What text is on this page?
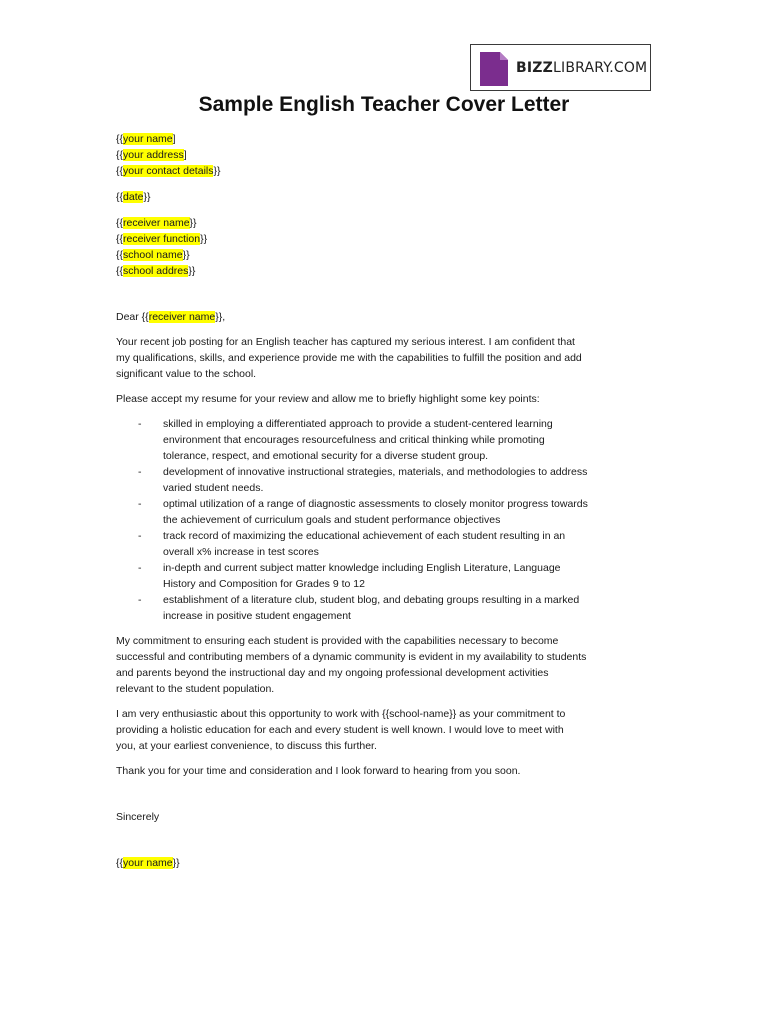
BIZZLIBRARY.COM
Sample English Teacher Cover Letter
{{your name]
{{your address]
{{your contact details}}
{{date}}
{{receiver name}}
{{receiver function}}
{{school name}}
{{school addres}}
Dear {{receiver name}},
Your recent job posting for an English teacher has captured my serious interest. I am confident that
my qualifications, skills, and experience provide me with the capabilities to fulfill the position and add
significant value to the school.
Please accept my resume for your review and allow me to briefly highlight some key points:
- skilled in employing a differentiated approach to provide a student-centered learning
environment that encourages resourcefulness and critical thinking while promoting
tolerance, respect, and emotional security for a diverse student group.
- development of innovative instructional strategies, materials, and methodologies to address
varied student needs.
- optimal utilization of a range of diagnostic assessments to closely monitor progress towards
the achievement of curriculum goals and student performance objectives
- track record of maximizing the educational achievement of each student resulting in an
overall x% increase in test scores
- in-depth and current subject matter knowledge including English Literature, Language
History and Composition for Grades 9 to 12
- establishment of a literature club, student blog, and debating groups resulting in a marked
increase in positive student engagement
My commitment to ensuring each student is provided with the capabilities necessary to become
successful and contributing members of a dynamic community is evident in my availability to students
and parents beyond the instructional day and my ongoing professional development activities
relevant to the student population.
I am very enthusiastic about this opportunity to work with {{school-name}} as your commitment to
providing a holistic education for each and every student is well known. I would love to meet with
you, at your earliest convenience, to discuss this further.
Thank you for your time and consideration and I look forward to hearing from you soon.
Sincerely
{{your name}}
